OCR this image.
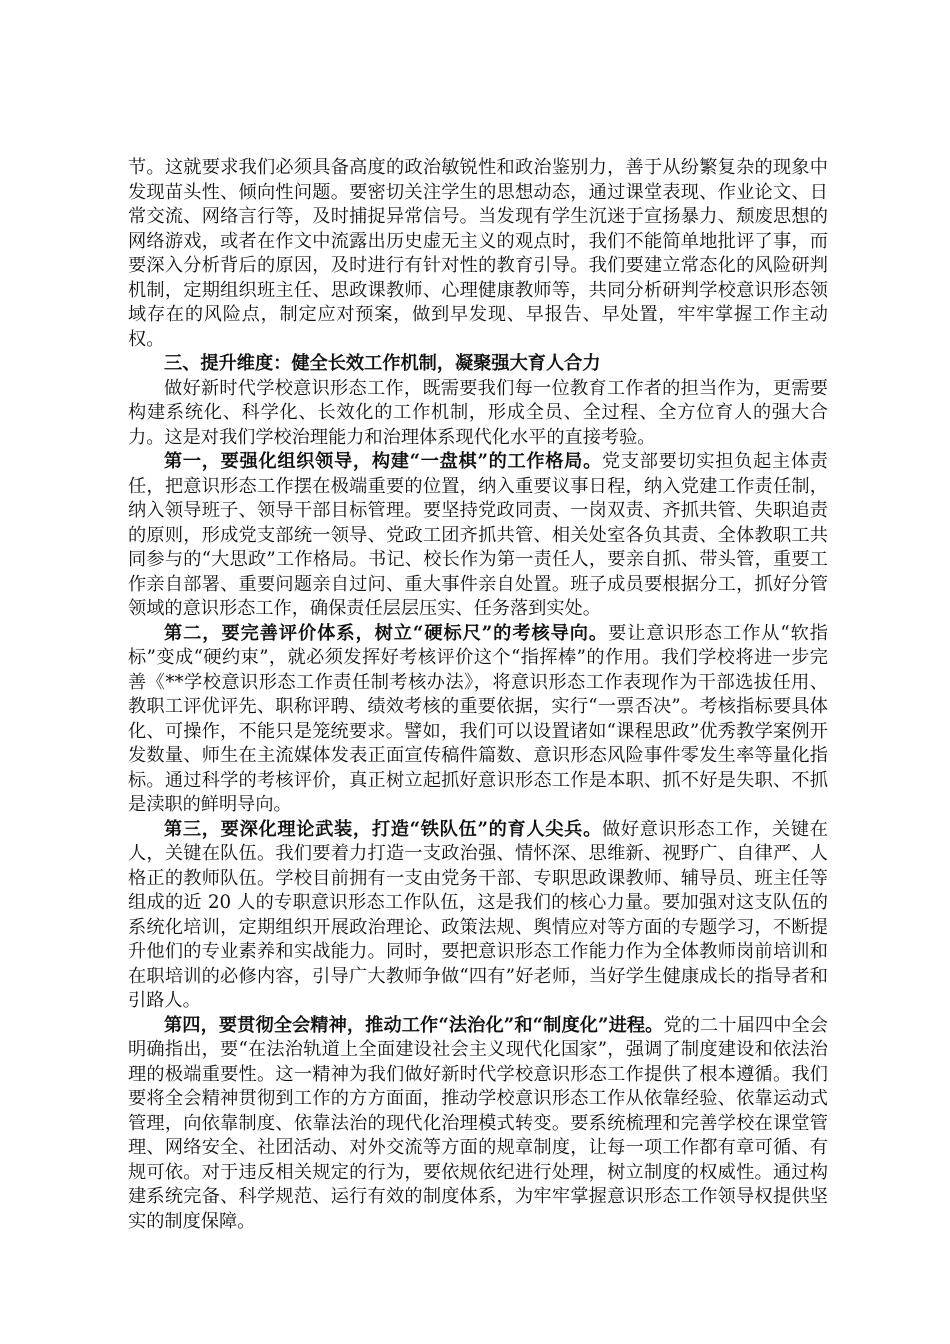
节。这就要求我们必须具备高度的政治敏锐性和政治鉴别力，善于从纷繁复杂的现象中发现苗头性、倾向性问题。要密切关注学生的思想动态，通过课堂表现、作业论文、日常交流、网络言行等，及时捕捉异常信号。当发现有学生沉迷于宣扬暴力、颓废思想的网络游戏，或者在作文中流露出历史虚无主义的观点时，我们不能简单地批评了事，而要深入分析背后的原因，及时进行有针对性的教育引导。我们要建立常态化的风险研判机制，定期组织班主任、思政课教师、心理健康教师等，共同分析研判学校意识形态领域存在的风险点，制定应对预案，做到早发现、早报告、早处置，牢牢掌握工作主动权。

三、提升维度：健全长效工作机制，凝聚强大育人合力

做好新时代学校意识形态工作，既需要我们每一位教育工作者的担当作为，更需要构建系统化、科学化、长效化的工作机制，形成全员、全过程、全方位育人的强大合力。这是对我们学校治理能力和治理体系现代化水平的直接考验。

第一，要强化组织领导，构建“一盘棋”的工作格局。党支部要切实担负起主体责任，把意识形态工作摆在极端重要的位置，纳入重要议事日程，纳入党建工作责任制，纳入领导班子、领导干部目标管理。要坚持党政同责、一岗双责、齐抓共管、失职追责的原则，形成党支部统一领导、党政工团齐抓共管、相关处室各负其责、全体教职工共同参与的“大思政”工作格局。书记、校长作为第一责任人，要亲自抓、带头管，重要工作亲自部署、重要问题亲自过问、重大事件亲自处置。班子成员要根据分工，抓好分管领域的意识形态工作，确保责任层层压实、任务落到实处。

第二，要完善评价体系，树立“硬标尺”的考核导向。要让意识形态工作从“软指标”变成“硬约束”，就必须发挥好考核评价这个“指挥棒”的作用。我们学校将进一步完善《**学校意识形态工作责任制考核办法》，将意识形态工作表现作为干部选拔任用、教职工评优评先、职称评聘、绩效考核的重要依据，实行“一票否决”。考核指标要具体化、可操作，不能只是笼统要求。譬如，我们可以设置诸如“课程思政”优秀教学案例开发数量、师生在主流媒体发表正面宣传稿件篇数、意识形态风险事件零发生率等量化指标。通过科学的考核评价，真正树立起抓好意识形态工作是本职、抓不好是失职、不抓是渎职的鲜明导向。

第三，要深化理论武装，打造“铁队伍”的育人尖兵。做好意识形态工作，关键在人，关键在队伍。我们要着力打造一支政治强、情怀深、思维新、视野广、自律严、人格正的教师队伍。学校目前拥有一支由党务干部、专职思政课教师、辅导员、班主任等组成的近 20 人的专职意识形态工作队伍，这是我们的核心力量。要加强对这支队伍的系统化培训，定期组织开展政治理论、政策法规、舆情应对等方面的专题学习，不断提升他们的专业素养和实战能力。同时，要把意识形态工作能力作为全体教师岗前培训和在职培训的必修内容，引导广大教师争做“四有”好老师，当好学生健康成长的指导者和引路人。

第四，要贯彻全会精神，推动工作“法治化”和“制度化”进程。党的二十届四中全会明确指出，要“在法治轨道上全面建设社会主义现代化国家”，强调了制度建设和依法治理的极端重要性。这一精神为我们做好新时代学校意识形态工作提供了根本遵循。我们要将全会精神贯彻到工作的方方面面，推动学校意识形态工作从依靠经验、依靠运动式管理，向依靠制度、依靠法治的现代化治理模式转变。要系统梳理和完善学校在课堂管理、网络安全、社团活动、对外交流等方面的规章制度，让每一项工作都有章可循、有规可依。对于违反相关规定的行为，要依规依纪进行处理，树立制度的权威性。通过构建系统完备、科学规范、运行有效的制度体系，为牢牢掌握意识形态工作领导权提供坚实的制度保障。
